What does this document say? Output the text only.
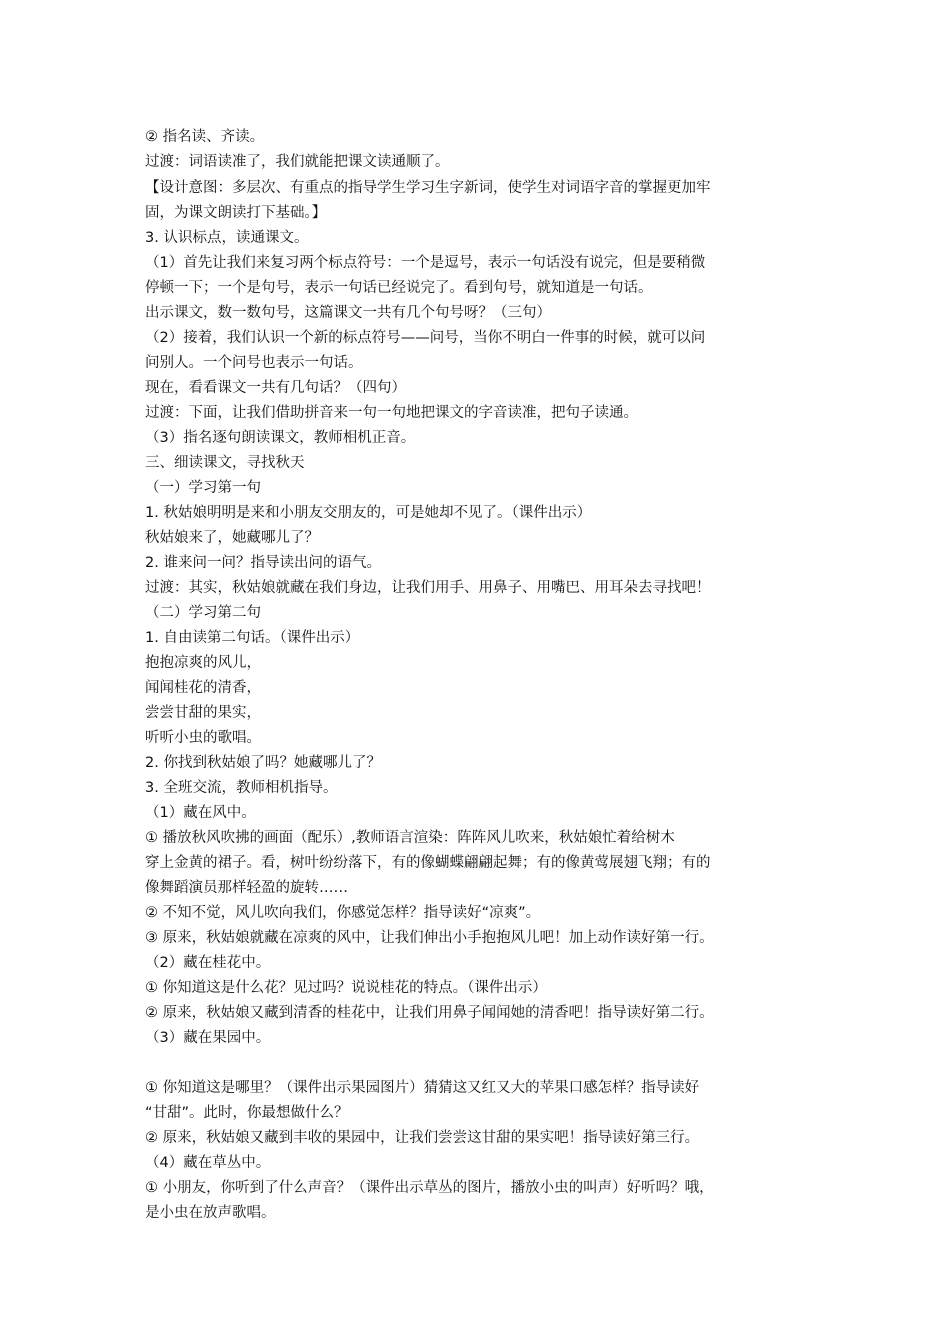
② 指名读、齐读。
过渡：词语读准了，我们就能把课文读通顺了。
【设计意图：多层次、有重点的指导学生学习生字新词，使学生对词语字音的掌握更加牢
固，为课文朗读打下基础。】
3. 认识标点，读通课文。
（1）首先让我们来复习两个标点符号：一个是逗号，表示一句话没有说完，但是要稍微
停顿一下；一个是句号，表示一句话已经说完了。看到句号，就知道是一句话。
出示课文，数一数句号，这篇课文一共有几个句号呀？（三句）
（2）接着，我们认识一个新的标点符号——问号，当你不明白一件事的时候，就可以问
问别人。一个问号也表示一句话。
现在，看看课文一共有几句话？（四句）
过渡：下面，让我们借助拼音来一句一句地把课文的字音读准，把句子读通。
（3）指名逐句朗读课文，教师相机正音。
三、细读课文，寻找秋天
（一）学习第一句
1. 秋姑娘明明是来和小朋友交朋友的，可是她却不见了。（课件出示）
秋姑娘来了，她藏哪儿了？
2. 谁来问一问？指导读出问的语气。
过渡：其实，秋姑娘就藏在我们身边，让我们用手、用鼻子、用嘴巴、用耳朵去寻找吧！
（二）学习第二句
1. 自由读第二句话。（课件出示）
抱抱凉爽的风儿，
闻闻桂花的清香，
尝尝甘甜的果实，
听听小虫的歌唱。
2. 你找到秋姑娘了吗？她藏哪儿了？
3. 全班交流，教师相机指导。
（1）藏在风中。
① 播放秋风吹拂的画面（配乐）,教师语言渲染：阵阵风儿吹来，秋姑娘忙着给树木
穿上金黄的裙子。看，树叶纷纷落下，有的像蝴蝶翩翩起舞；有的像黄莺展翅飞翔；有的
像舞蹈演员那样轻盈的旋转……
② 不知不觉，风儿吹向我们，你感觉怎样？指导读好“凉爽”。
③ 原来，秋姑娘就藏在凉爽的风中，让我们伸出小手抱抱风儿吧！加上动作读好第一行。
（2）藏在桂花中。
① 你知道这是什么花？见过吗？说说桂花的特点。（课件出示）
② 原来，秋姑娘又藏到清香的桂花中，让我们用鼻子闻闻她的清香吧！指导读好第二行。
（3）藏在果园中。
① 你知道这是哪里？（课件出示果园图片）猜猜这又红又大的苹果口感怎样？指导读好
“甘甜”。此时，你最想做什么？
② 原来，秋姑娘又藏到丰收的果园中，让我们尝尝这甘甜的果实吧！指导读好第三行。
（4）藏在草丛中。
① 小朋友，你听到了什么声音？（课件出示草丛的图片，播放小虫的叫声）好听吗？哦，
是小虫在放声歌唱。
